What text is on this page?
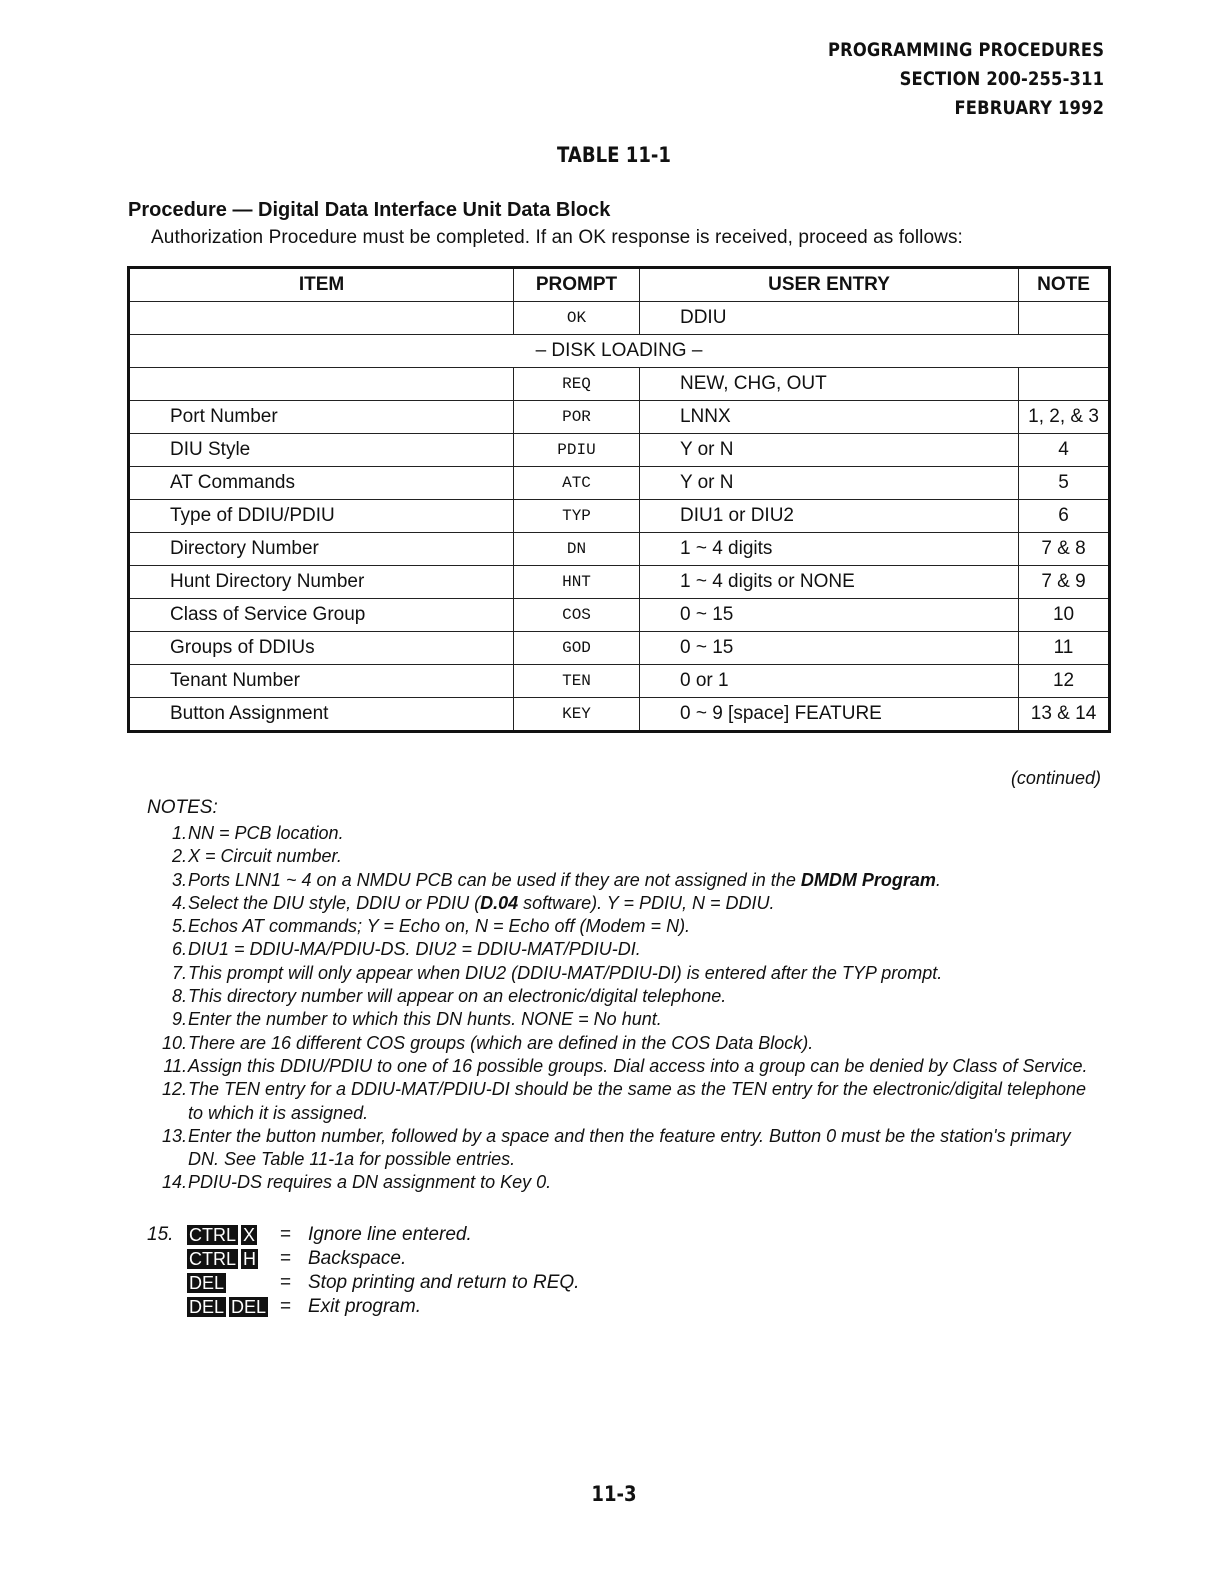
PROGRAMMING PROCEDURES
SECTION 200-255-311
FEBRUARY 1992
TABLE 11-1
Procedure — Digital Data Interface Unit Data Block
Authorization Procedure must be completed. If an OK response is received, proceed as follows:
ITEM	PROMPT	USER ENTRY	NOTE
	OK	DDIU	
– DISK LOADING –			
	REQ	NEW, CHG, OUT	
Port Number	POR	LNNX	1, 2, & 3
DIU Style	PDIU	Y or N	4
AT Commands	ATC	Y or N	5
Type of DDIU/PDIU	TYP	DIU1 or DIU2	6
Directory Number	DN	1 ~ 4 digits	7 & 8
Hunt Directory Number	HNT	1 ~ 4 digits or NONE	7 & 9
Class of Service Group	COS	0 ~ 15	10
Groups of DDIUs	GOD	0 ~ 15	11
Tenant Number	TEN	0 or 1	12
Button Assignment	KEY	0 ~ 9 [space] FEATURE	13 & 14
(continued)
NOTES:
1. NN = PCB location.
2. X = Circuit number.
3. Ports LNN1 ~ 4 on a NMDU PCB can be used if they are not assigned in the DMDM Program.
4. Select the DIU style, DDIU or PDIU (D.04 software). Y = PDIU, N = DDIU.
5. Echos AT commands; Y = Echo on, N = Echo off (Modem = N).
6. DIU1 = DDIU-MA/PDIU-DS. DIU2 = DDIU-MAT/PDIU-DI.
7. This prompt will only appear when DIU2 (DDIU-MAT/PDIU-DI) is entered after the TYP prompt.
8. This directory number will appear on an electronic/digital telephone.
9. Enter the number to which this DN hunts. NONE = No hunt.
10. There are 16 different COS groups (which are defined in the COS Data Block).
11. Assign this DDIU/PDIU to one of 16 possible groups. Dial access into a group can be denied by Class of Service.
12. The TEN entry for a DDIU-MAT/PDIU-DI should be the same as the TEN entry for the electronic/digital telephone to which it is assigned.
13. Enter the button number, followed by a space and then the feature entry. Button 0 must be the station's primary DN. See Table 11-1a for possible entries.
14. PDIU-DS requires a DN assignment to Key 0.
15. CTRL X = Ignore line entered.
CTRL H = Backspace.
DEL	= Stop printing and return to REQ.
DEL DEL = Exit program.
11-3
